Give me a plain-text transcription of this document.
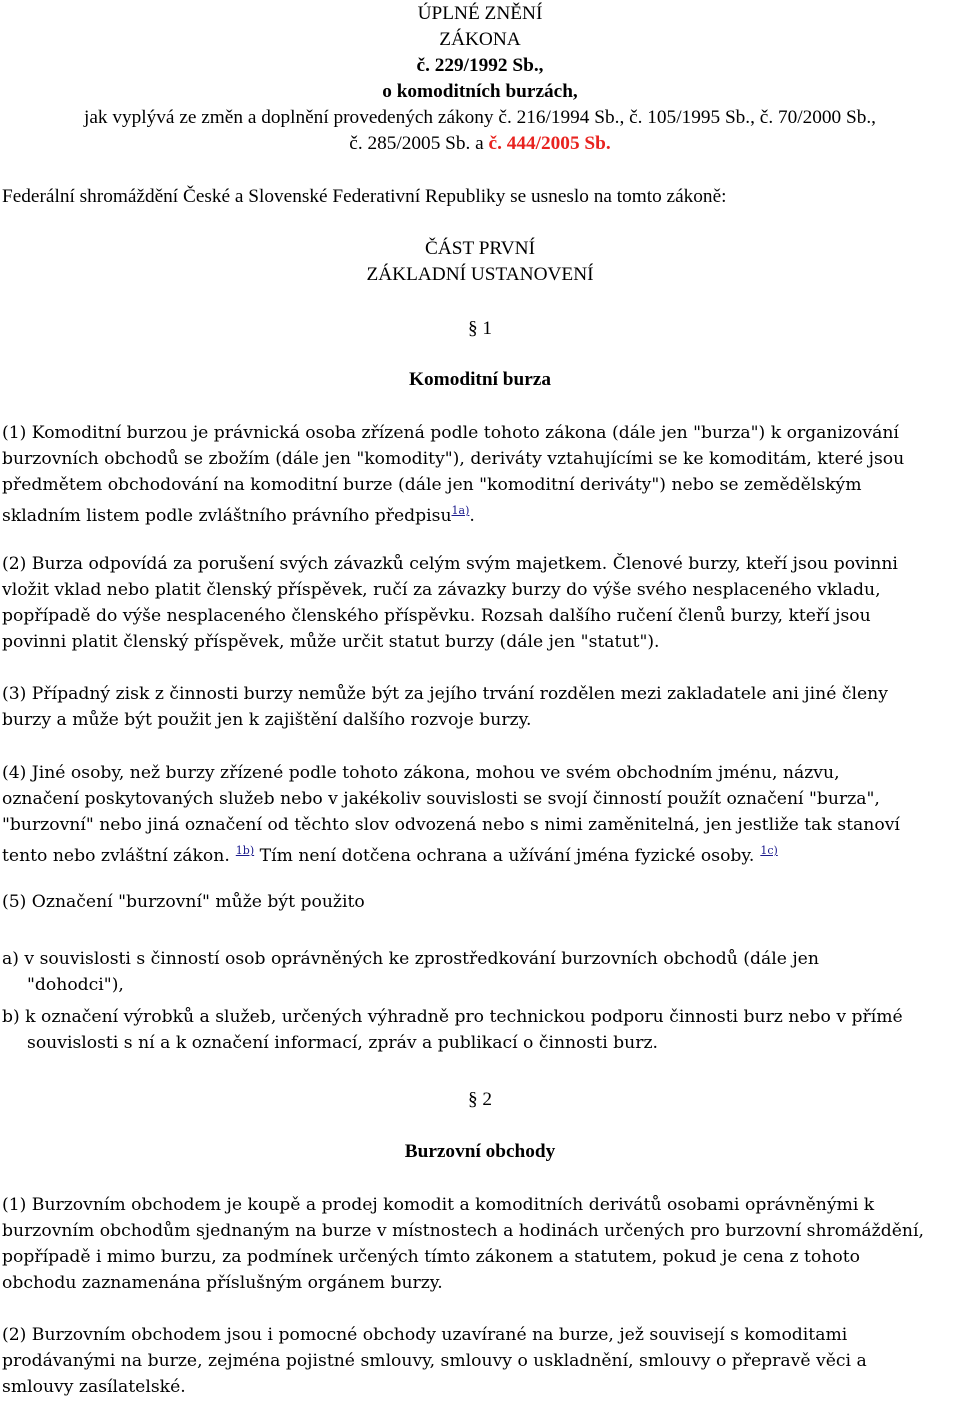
ÚPLNÉ ZNĚNÍ
ZÁKONA
č. 229/1992 Sb.,
o komoditních burzách,
jak vyplývá ze změn a doplnění provedených zákony č. 216/1994 Sb., č. 105/1995 Sb., č. 70/2000 Sb.,
č. 285/2005 Sb. a č. 444/2005 Sb.
Federální shromáždění České a Slovenské Federativní Republiky se usneslo na tomto zákoně:
ČÁST PRVNÍ
ZÁKLADNÍ USTANOVENÍ
§ 1
Komoditní burza
(1) Komoditní burzou je právnická osoba zřízená podle tohoto zákona (dále jen "burza") k organizování
burzovních obchodů se zbožím (dále jen "komodity"), deriváty vztahujícími se ke komoditám, které jsou
předmětem obchodování na komoditní burze (dále jen "komoditní deriváty") nebo se zemědělským
skladním listem podle zvláštního právního předpisu$^{1a)}$.
(2) Burza odpovídá za porušení svých závazků celým svým majetkem. Členové burzy, kteří jsou povinni
vložit vklad nebo platit členský příspěvek, ručí za závazky burzy do výše svého nesplaceného vkladu,
popřípadě do výše nesplaceného členského příspěvku. Rozsah dalšího ručení členů burzy, kteří jsou
povinni platit členský příspěvek, může určit statut burzy (dále jen "statut").
(3) Případný zisk z činnosti burzy nemůže být za jejího trvání rozdělen mezi zakladatele ani jiné členy
burzy a může být použit jen k zajištění dalšího rozvoje burzy.
(4) Jiné osoby, než burzy zřízené podle tohoto zákona, mohou ve svém obchodním jménu, názvu,
označení poskytovaných služeb nebo v jakékoliv souvislosti se svojí činností použít označení "burza",
"burzovní" nebo jiná označení od těchto slov odvozená nebo s nimi zaměnitelná, jen jestliže tak stanoví
tento nebo zvláštní zákon. $^{1b)}$ Tím není dotčena ochrana a užívání jména fyzické osoby. $^{1c)}$
(5) Označení "burzovní" může být použito
a) v souvislosti s činností osob oprávněných ke zprostředkování burzovních obchodů (dále jen
"dohodci"),
b) k označení výrobků a služeb, určených výhradně pro technickou podporu činnosti burz nebo v přímé
souvislosti s ní a k označení informací, zpráv a publikací o činnosti burz.
§ 2
Burzovní obchody
(1) Burzovním obchodem je koupě a prodej komodit a komoditních derivátů osobami oprávněnými k
burzovním obchodům sjednaným na burze v místnostech a hodinách určených pro burzovní shromáždění,
popřípadě i mimo burzu, za podmínek určených tímto zákonem a statutem, pokud je cena z tohoto
obchodu zaznamenána příslušným orgánem burzy.
(2) Burzovním obchodem jsou i pomocné obchody uzavírané na burze, jež souvisejí s komoditami
prodávanými na burze, zejména pojistné smlouvy, smlouvy o uskladnění, smlouvy o přepravě věci a
smlouvy zasílatelské.
